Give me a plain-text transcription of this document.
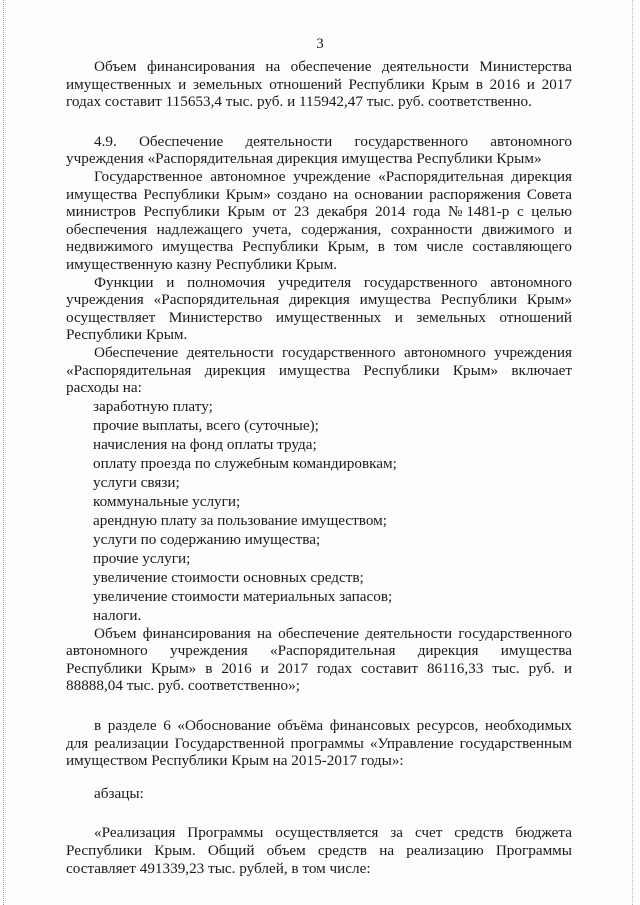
3

Объем финансирования на обеспечение деятельности Министерства имущественных и земельных отношений Республики Крым в 2016 и 2017 годах составит 115653,4 тыс. руб. и 115942,47 тыс. руб. соответственно.

4.9. Обеспечение деятельности государственного автономного учреждения «Распорядительная дирекция имущества Республики Крым»

Государственное автономное учреждение «Распорядительная дирекция имущества Республики Крым» создано на основании распоряжения Совета министров Республики Крым от 23 декабря 2014 года №1481-р с целью обеспечения надлежащего учета, содержания, сохранности движимого и недвижимого имущества Республики Крым, в том числе составляющего имущественную казну Республики Крым.

Функции и полномочия учредителя государственного автономного учреждения «Распорядительная дирекция имущества Республики Крым» осуществляет Министерство имущественных и земельных отношений Республики Крым.

Обеспечение деятельности государственного автономного учреждения «Распорядительная дирекция имущества Республики Крым» включает расходы на:

заработную плату;
прочие выплаты, всего (суточные);
начисления на фонд оплаты труда;
оплату проезда по служебным командировкам;
услуги связи;
коммунальные услуги;
арендную плату за пользование имуществом;
услуги по содержанию имущества;
прочие услуги;
увеличение стоимости основных средств;
увеличение стоимости материальных запасов;
налоги.

Объем финансирования на обеспечение деятельности государственного автономного учреждения «Распорядительная дирекция имущества Республики Крым» в 2016 и 2017 годах составит 86116,33 тыс. руб. и 88888,04 тыс. руб. соответственно»;

в разделе 6 «Обоснование объёма финансовых ресурсов, необходимых для реализации Государственной программы «Управление государственным имуществом Республики Крым на 2015-2017 годы»:

абзацы:

«Реализация Программы осуществляется за счет средств бюджета Республики Крым. Общий объем средств на реализацию Программы составляет 491339,23 тыс. рублей, в том числе:
